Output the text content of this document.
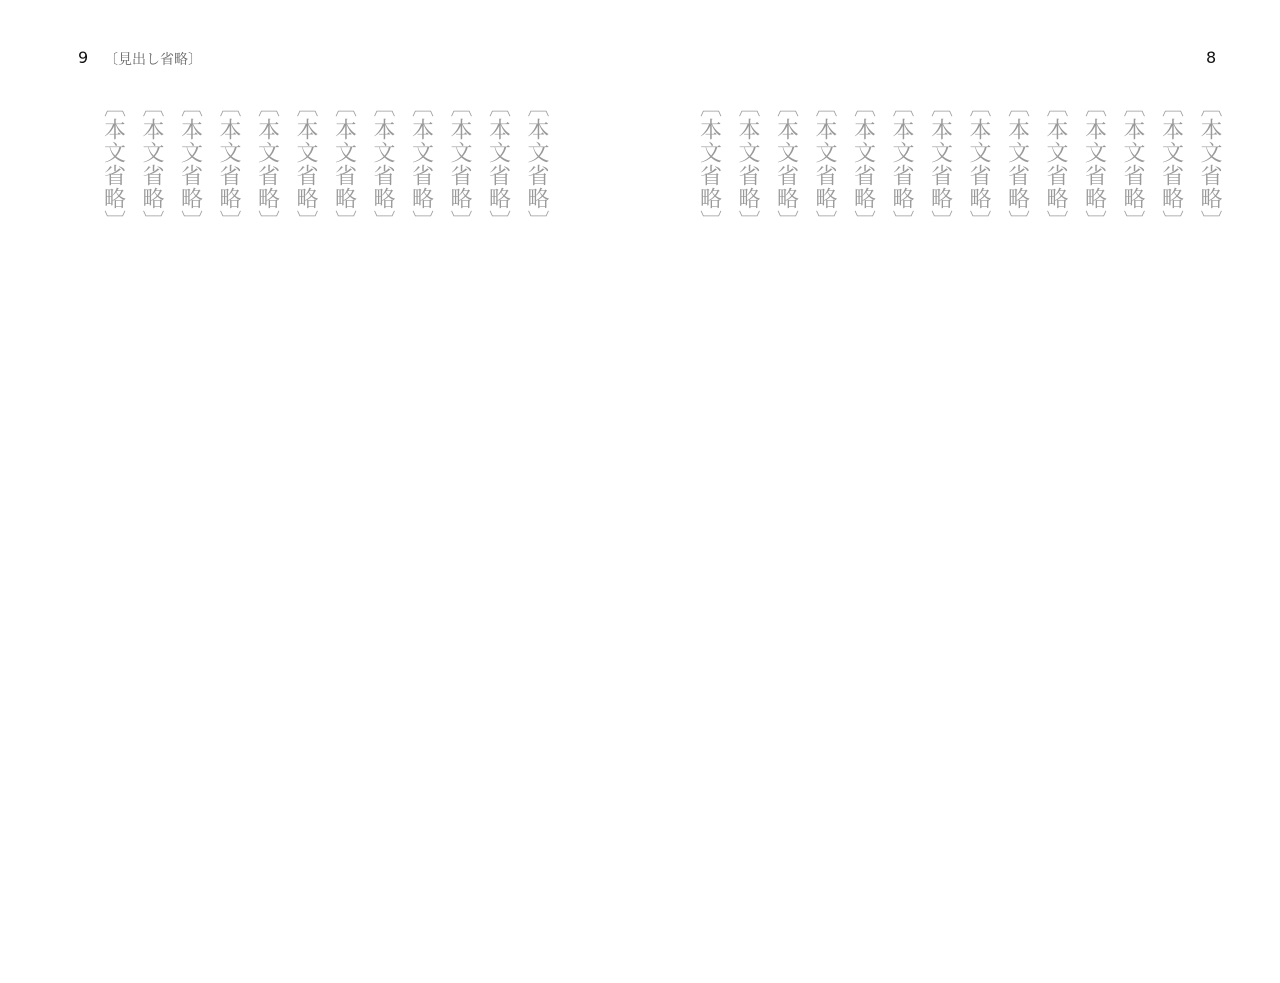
9 〔見出し省略〕
〔本文省略〕
〔本文省略〕
〔本文省略〕
〔本文省略〕
〔本文省略〕
〔本文省略〕
〔本文省略〕
〔本文省略〕
〔本文省略〕
〔本文省略〕
〔本文省略〕
〔本文省略〕
8
〔本文省略〕
〔本文省略〕
〔本文省略〕
〔本文省略〕
〔本文省略〕
〔本文省略〕
〔本文省略〕
〔本文省略〕
〔本文省略〕
〔本文省略〕
〔本文省略〕
〔本文省略〕
〔本文省略〕
〔本文省略〕
